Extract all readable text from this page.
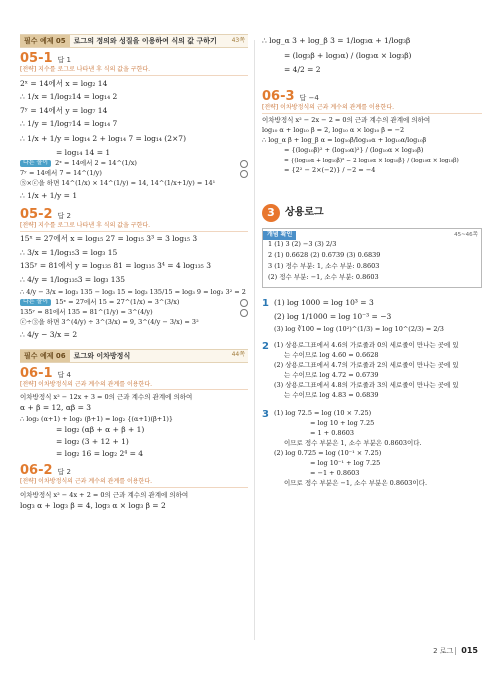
필수 예제 05	로그의 정의와 성질을 이용하여 식의 값 구하기	43쪽
05-1 답 1
[전략] 지수를 로그로 나타낸 후 식의 값을 구한다.
2ˣ = 14에서 x = log₂ 14
∴ 1/x = 1/log₂14 = log₁₄ 2
7ʸ = 14에서 y = log₇ 14
∴ 1/y = 1/log₇14 = log₁₄ 7
∴ 1/x + 1/y = log₁₄ 2 + log₁₄ 7 = log₁₄ (2×7)
= log₁₄ 14 = 1
다른 풀이	2ˣ = 14에서 2 = 14^(1/x)
7ʸ = 14에서 7 = 14^(1/y)
⑤×ⓒ을 하면 14^(1/x) × 14^(1/y) = 14, 14^(1/x+1/y) = 14¹
∴ 1/x + 1/y = 1
05-2 답 2
[전략] 지수를 로그로 나타낸 후 식의 값을 구한다.
15ˣ = 27에서 x = log₁₅ 27 = log₁₅ 3³ = 3 log₁₅ 3
∴ 3/x = 1/log₁₅3 = log₃ 15
135ʸ = 81에서 y = log₁₃₅ 81 = log₁₃₅ 3⁴ = 4 log₁₃₅ 3
∴ 4/y = 1/log₁₃₅3 = log₃ 135
∴ 4/y − 3/x = log₃ 135 − log₃ 15 = log₃ 135/15 = log₃ 9 = log₃ 3² = 2
다른 풀이	15ˣ = 27에서 15 = 27^(1/x) = 3^(3/x)
135ʸ = 81에서 135 = 81^(1/y) = 3^(4/y)
ⓒ÷③을 하면 3^(4/y) ÷ 3^(3/x) = 9, 3^(4/y − 3/x) = 3²
∴ 4/y − 3/x = 2
필수 예제 06	로그와 이차방정식	44쪽
06-1 답 4
[전략] 이차방정식의 근과 계수의 관계를 이용한다.
이차방정식 x² − 12x + 3 = 0의 근과 계수의 관계에 의하여
α + β = 12, αβ = 3
∴ log₂ (α+1) + log₂ (β+1) = log₂ {(α+1)(β+1)}
= log₂ (αβ + α + β + 1)
= log₂ (3 + 12 + 1)
= log₂ 16 = log₂ 2⁴ = 4
06-2 답 2
[전략] 이차방정식의 근과 계수의 관계를 이용한다.
이차방정식 x² − 4x + 2 = 0의 근과 계수의 관계에 의하여
log₃ α + log₃ β = 4, log₃ α × log₃ β = 2
∴ log_α 3 + log_β 3 = 1/log₃α + 1/log₃β
= (log₃β + log₃α) / (log₃α × log₃β)
= 4/2 = 2
06-3 답 −4
[전략] 이차방정식의 근과 계수의 관계를 이용한다.
이차방정식 x² − 2x − 2 = 0의 근과 계수의 관계에 의하여
log₁₀ α + log₁₀ β = 2, log₁₀ α × log₁₀ β = −2
∴ log_α β + log_β α = log₁₀β/log₁₀α + log₁₀α/log₁₀β
= {(log₁₀β)² + (log₁₀α)²} / (log₁₀α × log₁₀β)
= {(log₁₀α + log₁₀β)² − 2 log₁₀α × log₁₀β} / (log₁₀α × log₁₀β)
= {2² − 2×(−2)} / −2 = −4
3	상용로그
개념 확인	45~46쪽
1 (1) 3 (2) −3 (3) 2/3
2 (1) 0.6628 (2) 0.6739 (3) 0.6839
3 (1) 정수 부분: 1, 소수 부분: 0.8603
(2) 정수 부분: −1, 소수 부분: 0.8603
1 (1) log 1000 = log 10³ = 3
(2) log 1/1000 = log 10⁻³ = −3
(3) log ∛100 = log (10²)^(1/3) = log 10^(2/3) = 2/3
2 (1) 상용로그표에서 4.6의 가로줄과 0의 세로줄이 만나는 곳에 있
는 수이므로 log 4.60 = 0.6628
(2) 상용로그표에서 4.7의 가로줄과 2의 세로줄이 만나는 곳에 있
는 수이므로 log 4.72 = 0.6739
(3) 상용로그표에서 4.8의 가로줄과 3의 세로줄이 만나는 곳에 있
는 수이므로 log 4.83 = 0.6839
3 (1) log 72.5 = log (10 × 7.25)
= log 10 + log 7.25
= 1 + 0.8603
이므로 정수 부분은 1, 소수 부분은 0.8603이다.
(2) log 0.725 = log (10⁻¹ × 7.25)
= log 10⁻¹ + log 7.25
= −1 + 0.8603
이므로 정수 부분은 −1, 소수 부분은 0.8603이다.
2 로그 015
